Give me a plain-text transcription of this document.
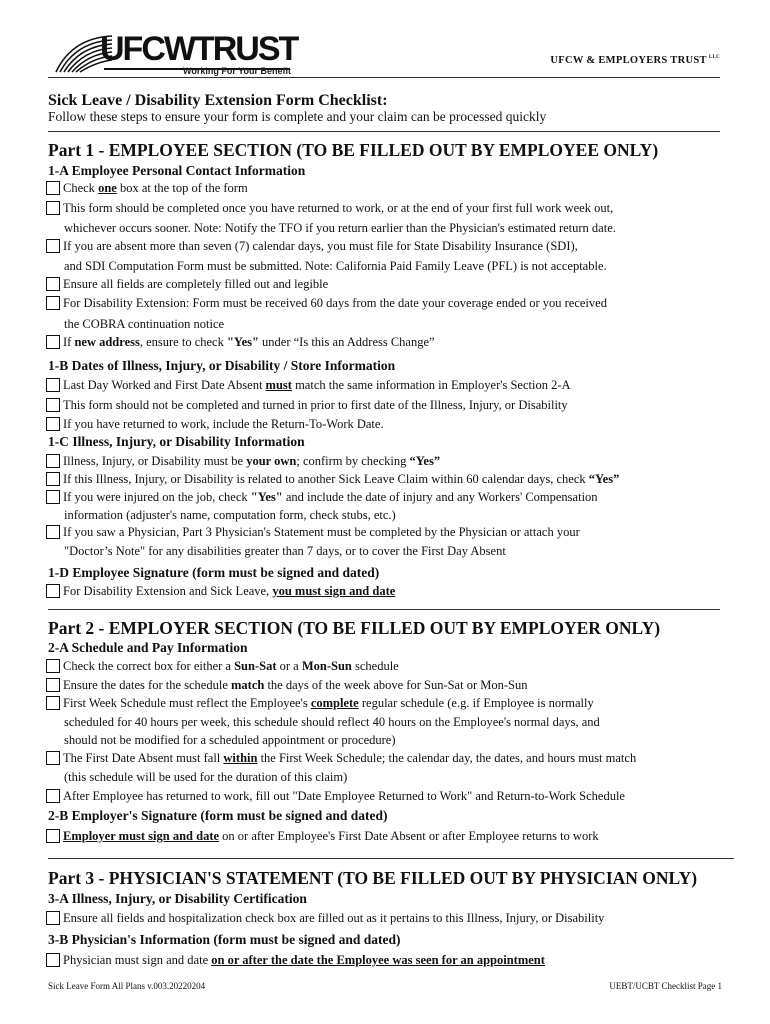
UFCWTRUST
Working For Your Benefit
UFCW & EMPLOYERS TRUST $^{LLC}$
Sick Leave / Disability Extension Form Checklist:
Follow these steps to ensure your form is complete and your claim can be processed quickly
Part 1 - EMPLOYEE SECTION (TO BE FILLED OUT BY EMPLOYEE ONLY)
1-A Employee Personal Contact Information
Check one box at the top of the form
This form should be completed once you have returned to work, or at the end of your first full work week out,
whichever occurs sooner. Note: Notify the TFO if you return earlier than the Physician's estimated return date.
If you are absent more than seven (7) calendar days, you must file for State Disability Insurance (SDI),
and SDI Computation Form must be submitted. Note: California Paid Family Leave (PFL) is not acceptable.
Ensure all fields are completely filled out and legible
For Disability Extension: Form must be received 60 days from the date your coverage ended or you received
the COBRA continuation notice
If new address, ensure to check "Yes" under “Is this an Address Change”
1-B Dates of Illness, Injury, or Disability / Store Information
Last Day Worked and First Date Absent must match the same information in Employer's Section 2-A
This form should not be completed and turned in prior to first date of the Illness, Injury, or Disability
If you have returned to work, include the Return-To-Work Date.
1-C Illness, Injury, or Disability Information
Illness, Injury, or Disability must be your own; confirm by checking “Yes”
If this Illness, Injury, or Disability is related to another Sick Leave Claim within 60 calendar days, check “Yes”
If you were injured on the job, check "Yes" and include the date of injury and any Workers' Compensation
information (adjuster's name, computation form, check stubs, etc.)
If you saw a Physician, Part 3 Physician's Statement must be completed by the Physician or attach your
"Doctor’s Note" for any disabilities greater than 7 days, or to cover the First Day Absent
1-D Employee Signature (form must be signed and dated)
For Disability Extension and Sick Leave, you must sign and date
Part 2 - EMPLOYER SECTION (TO BE FILLED OUT BY EMPLOYER ONLY)
2-A Schedule and Pay Information
Check the correct box for either a Sun-Sat or a Mon-Sun schedule
Ensure the dates for the schedule match the days of the week above for Sun-Sat or Mon-Sun
First Week Schedule must reflect the Employee's complete regular schedule (e.g. if Employee is normally
scheduled for 40 hours per week, this schedule should reflect 40 hours on the Employee's normal days, and
should not be modified for a scheduled appointment or procedure)
The First Date Absent must fall within the First Week Schedule; the calendar day, the dates, and hours must match
(this schedule will be used for the duration of this claim)
After Employee has returned to work, fill out "Date Employee Returned to Work" and Return-to-Work Schedule
2-B Employer's Signature (form must be signed and dated)
Employer must sign and date on or after Employee's First Date Absent or after Employee returns to work
Part 3 - PHYSICIAN'S STATEMENT (TO BE FILLED OUT BY PHYSICIAN ONLY)
3-A Illness, Injury, or Disability Certification
Ensure all fields and hospitalization check box are filled out as it pertains to this Illness, Injury, or Disability
3-B Physician's Information (form must be signed and dated)
Physician must sign and date on or after the date the Employee was seen for an appointment
Sick Leave Form All Plans v.003.20220204	UEBT/UCBT Checklist Page 1
